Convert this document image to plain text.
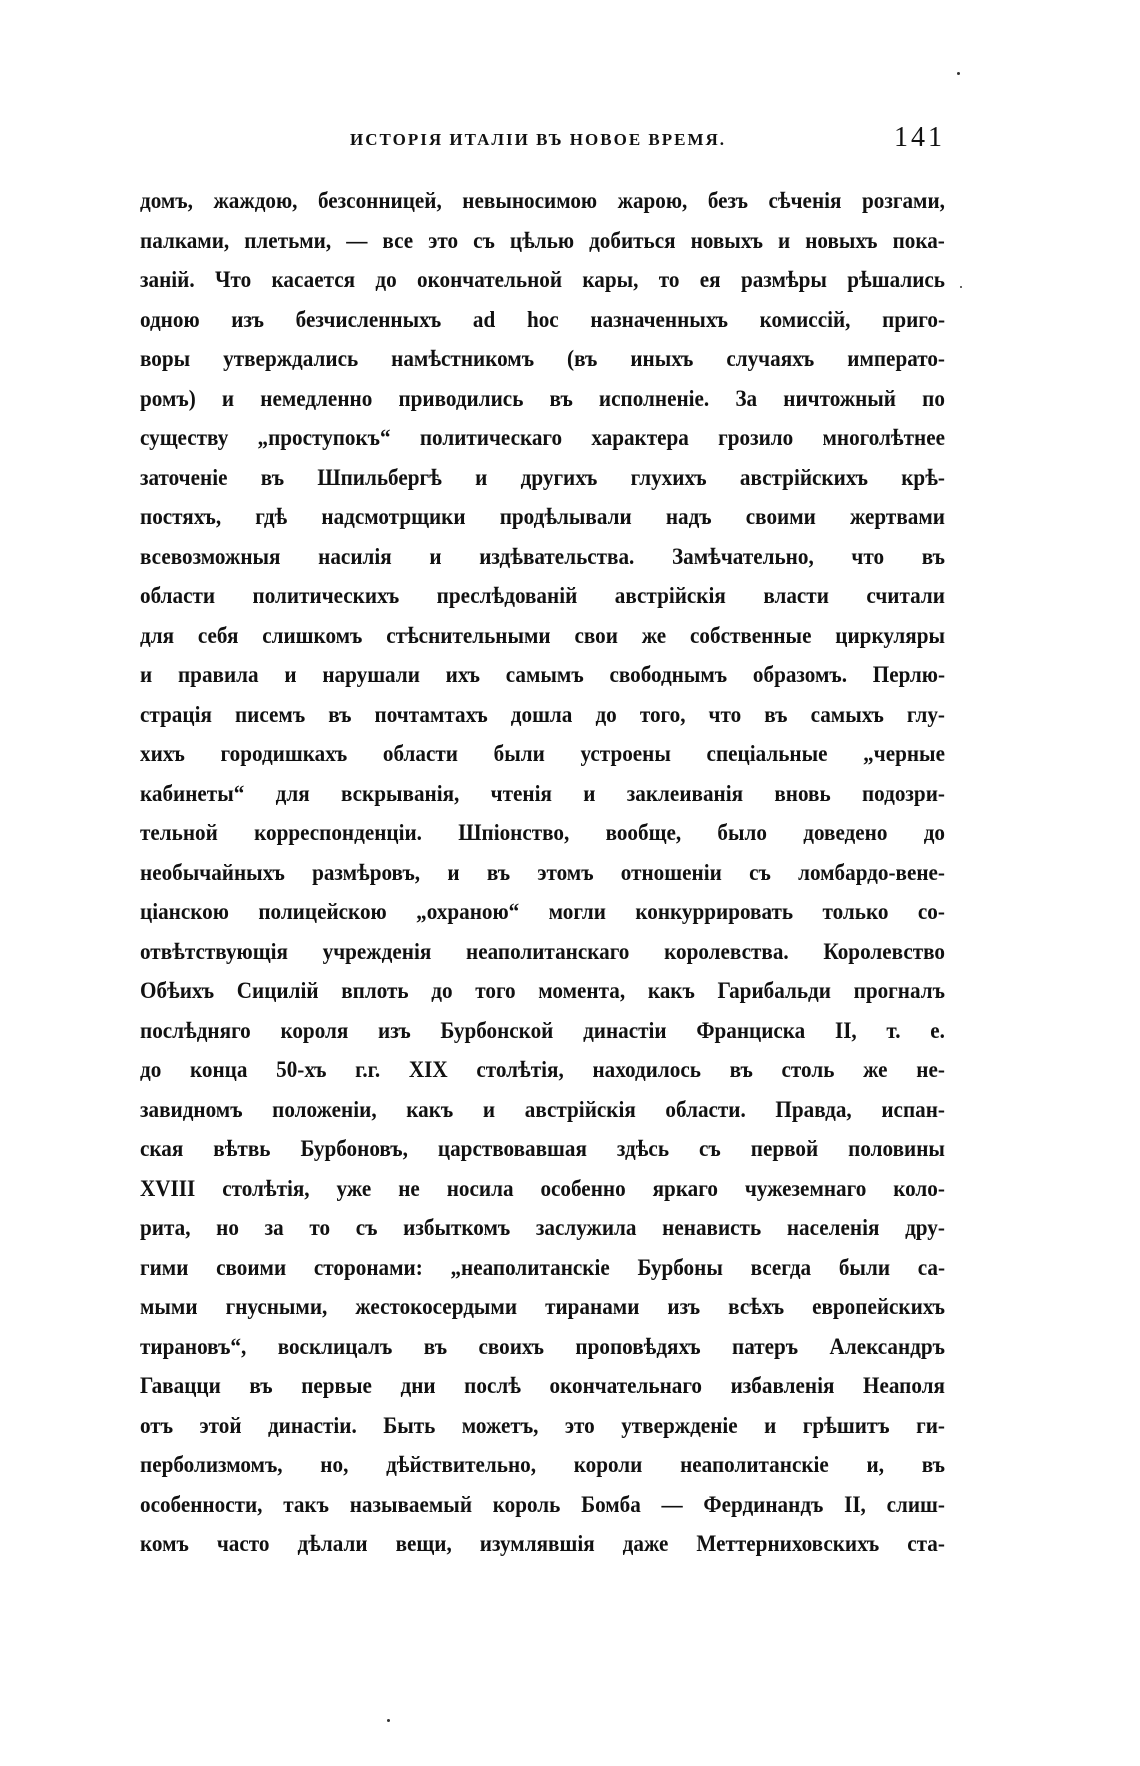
ИСТОРІЯ ИТАЛІИ ВЪ НОВОЕ ВРЕМЯ.	141
домъ, жаждою, безсонницей, невыносимою жарою, безъ сѣченія розгами,
палками, плетьми, — все это съ цѣлью добиться новыхъ и новыхъ пока-
заній. Что касается до окончательной кары, то ея размѣры рѣшались
одною изъ безчисленныхъ ad hoc назначенныхъ комиссій, приго-
воры утверждались намѣстникомъ (въ иныхъ случаяхъ императо-
ромъ) и немедленно приводились въ исполненіе. За ничтожный по
существу „проступокъ“ политическаго характера грозило многолѣтнее
заточеніе въ Шпильбергѣ и другихъ глухихъ австрійскихъ крѣ-
постяхъ, гдѣ надсмотрщики продѣлывали надъ своими жертвами
всевозможныя насилія и издѣвательства. Замѣчательно, что въ
области политическихъ преслѣдованій австрійскія власти считали
для себя слишкомъ стѣснительными свои же собственные циркуляры
и правила и нарушали ихъ самымъ свободнымъ образомъ. Перлю-
страція писемъ въ почтамтахъ дошла до того, что въ самыхъ глу-
хихъ городишкахъ области были устроены спеціальные „черные
кабинеты“ для вскрыванія, чтенія и заклеиванія вновь подозри-
тельной корреспонденціи. Шпіонство, вообще, было доведено до
необычайныхъ размѣровъ, и въ этомъ отношеніи съ ломбардо-вене-
ціанскою полицейскою „охраною“ могли конкуррировать только со-
отвѣтствующія учрежденія неаполитанскаго королевства. Королевство
Обѣихъ Сицилій вплоть до того момента, какъ Гарибальди прогналъ
послѣдняго короля изъ Бурбонской династіи Франциска II, т. е.
до конца 50-хъ г.г. XIX столѣтія, находилось въ столь же не-
завидномъ положеніи, какъ и австрійскія области. Правда, испан-
ская вѣтвь Бурбоновъ, царствовавшая здѣсь съ первой половины
XVIII столѣтія, уже не носила особенно яркаго чужеземнаго коло-
рита, но за то съ избыткомъ заслужила ненависть населенія дру-
гими своими сторонами: „неаполитанскіе Бурбоны всегда были са-
мыми гнусными, жестокосердыми тиранами изъ всѣхъ европейскихъ
тирановъ“, восклицалъ въ своихъ проповѣдяхъ патеръ Александръ
Гавацци въ первые дни послѣ окончательнаго избавленія Неаполя
отъ этой династіи. Быть можетъ, это утвержденіе и грѣшитъ ги-
перболизмомъ, но, дѣйствительно, короли неаполитанскіе и, въ
особенности, такъ называемый король Бомба — Фердинандъ II, слиш-
комъ часто дѣлали вещи, изумлявшія даже Меттерниховскихъ ста-
